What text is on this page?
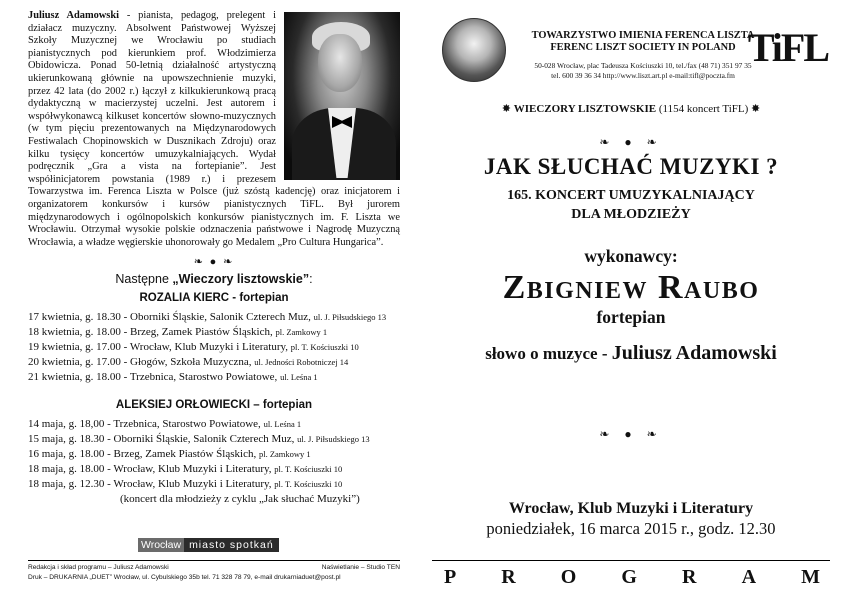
Juliusz Adamowski - pianista, pedagog, prelegent i działacz muzyczny. Absolwent Państwowej Wyższej Szkoły Muzycznej we Wrocławiu po studiach pianistycznych pod kierunkiem prof. Włodzimierza Obidowicza. Ponad 50-letnią działalność artystyczną ukierunkowaną głównie na upowszechnienie muzyki, przez 42 lata (do 2002 r.) łączył z kilkukierunkową pracą dydaktyczną w macierzystej uczelni. Jest autorem i współwykonawcą kilkuset koncertów słowno-muzycznych (w tym pięciu prezentowanych na Międzynarodowych Festiwalach Chopinowskich w Dusznikach Zdroju) oraz kilku tysięcy koncertów umuzykalniających. Wydał podręcznik „Gra a vista na fortepianie”. Jest współinicjatorem powstania (1989 r.) i prezesem Towarzystwa im. Ferenca Liszta w Polsce (już szóstą kadencję) oraz inicjatorem i organizatorem konkursów i kursów pianistycznych TiFL. Był jurorem międzynarodowych i ogólnopolskich konkursów pianistycznych im. F. Liszta we Wrocławiu. Otrzymał wysokie polskie odznaczenia państwowe i Nagrodę Muzyczną Wrocławia, a władze węgierskie uhonorowały go Medalem „Pro Cultura Hungarica”.
❧ ● ❧
Następne „Wieczory lisztowskie”:
ROZALIA KIERC - fortepian
17 kwietnia, g. 18.30 - Oborniki Śląskie, Salonik Czterech Muz, ul. J. Piłsudskiego 13
18 kwietnia, g. 18.00 - Brzeg, Zamek Piastów Śląskich, pl. Zamkowy 1
19 kwietnia, g. 17.00 - Wrocław, Klub Muzyki i Literatury, pl. T. Kościuszki 10
20 kwietnia, g. 17.00 - Głogów, Szkoła Muzyczna, ul. Jedności Robotniczej 14
21 kwietnia, g. 18.00 - Trzebnica, Starostwo Powiatowe, ul. Leśna 1
ALEKSIEJ ORŁOWIECKI – fortepian
14 maja, g. 18,00 - Trzebnica, Starostwo Powiatowe, ul. Leśna 1
15 maja, g. 18.30 - Oborniki Śląskie, Salonik Czterech Muz, ul. J. Piłsudskiego 13
16 maja, g. 18.00 - Brzeg, Zamek Piastów Śląskich, pl. Zamkowy 1
18 maja, g. 18.00 - Wrocław, Klub Muzyki i Literatury, pl. T. Kościuszki 10
18 maja, g. 12.30 - Wrocław, Klub Muzyki i Literatury, pl. T. Kościuszki 10
(koncert dla młodzieży z cyklu „Jak słuchać Muzyki”)
Wrocław miasto spotkań
Redakcja i skład programu – Juliusz Adamowski	Naświetlanie – Studio TEN
Druk – DRUKARNIA „DUET” Wrocław, ul. Cybulskiego 35b tel. 71 328 78 79, e-mail drukarniaduet@post.pl
TOWARZYSTWO IMIENIA FERENCA LISZTA
FERENC LISZT SOCIETY IN POLAND
50-028 Wrocław, plac Tadeusza Kościuszki 10, tel./fax (48 71) 351 97 35
tel. 600 39 36 34 http://www.liszt.art.pl e-mail:tifl@poczta.fm
TiFL
✸ WIECZORY LISZTOWSKIE (1154 koncert TiFL) ✸
❧ ● ❧
JAK SŁUCHAĆ MUZYKI ?
165. KONCERT UMUZYKALNIAJĄCY
DLA MŁODZIEŻY
wykonawcy:
Zbigniew Raubo
fortepian
słowo o muzyce - Juliusz Adamowski
❧ ● ❧
Wrocław, Klub Muzyki i Literatury
poniedziałek, 16 marca 2015 r., godz. 12.30
P R O G R A M
